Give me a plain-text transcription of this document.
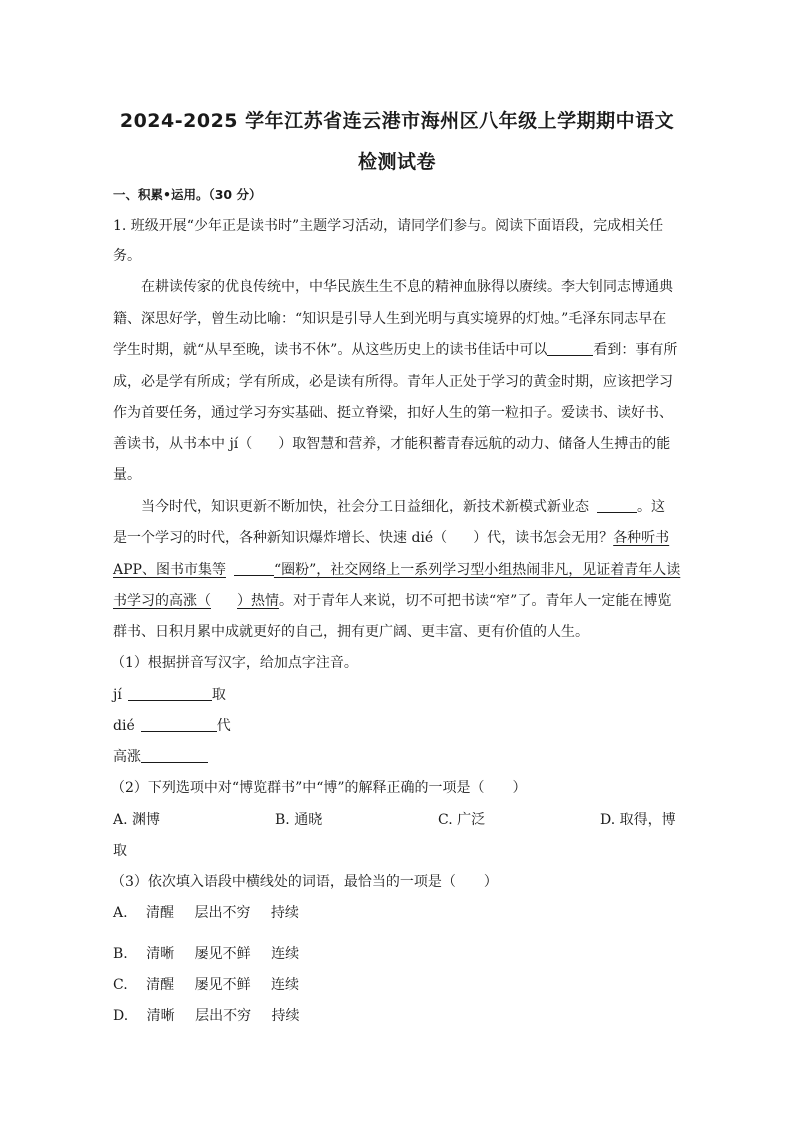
2024-2025 学年江苏省连云港市海州区八年级上学期期中语文
检测试卷
一、积累•运用。（30 分）
1. 班级开展“少年正是读书时”主题学习活动，请同学们参与。阅读下面语段，完成相关任
务。
在耕读传家的优良传统中，中华民族生生不息的精神血脉得以赓续。李大钊同志博通典
籍、深思好学，曾生动比喻：“知识是引导人生到光明与真实境界的灯烛。”毛泽东同志早在
学生时期，就“从早至晚，读书不休”。从这些历史上的读书佳话中可以	看到：事有所
成，必是学有所成；学有所成，必是读有所得。青年人正处于学习的黄金时期，应该把学习
作为首要任务，通过学习夯实基础、挺立脊梁，扣好人生的第一粒扣子。爱读书、读好书、
善读书，从书本中 jí（ ）取智慧和营养，才能积蓄青春远航的动力、储备人生搏击的能
量。
当今时代，知识更新不断加快，社会分工日益细化，新技术新模式新业态	。这
是一个学习的时代，各种新知识爆炸增长、快速 dié（ ）代，读书怎会无用？各种听书
APP、图书市集等	“圈粉”，社交网络上一系列学习型小组热闹非凡，见证着青年人读
书学习的高涨（ ）热情。对于青年人来说，切不可把书读“窄”了。青年人一定能在博览
群书、日积月累中成就更好的自己，拥有更广阔、更丰富、更有价值的人生。
（1）根据拼音写汉字，给加点字注音。
jí	取
dié	代
高涨
（2）下列选项中对“博览群书”中“博”的解释正确的一项是（　　）
A. 渊博	B. 通晓	C. 广泛	D. 取得，博
取
（3）依次填入语段中横线处的词语，最恰当的一项是（　　）
A. 清醒 层出不穷 持续
B. 清晰 屡见不鲜 连续
C. 清醒 屡见不鲜 连续
D. 清晰 层出不穷 持续
